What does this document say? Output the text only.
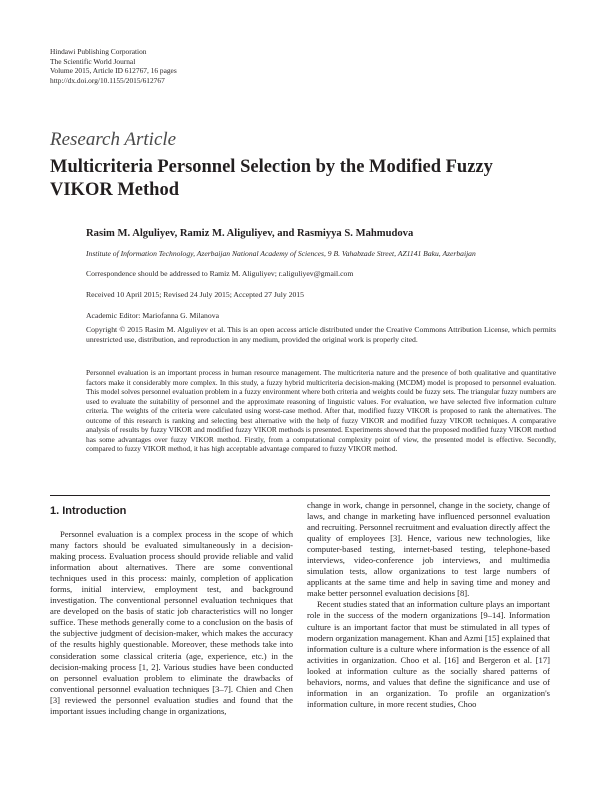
Hindawi Publishing Corporation
The Scientific World Journal
Volume 2015, Article ID 612767, 16 pages
http://dx.doi.org/10.1155/2015/612767
Research Article
Multicriteria Personnel Selection by the Modified Fuzzy
VIKOR Method
Rasim M. Alguliyev, Ramiz M. Aliguliyev, and Rasmiyya S. Mahmudova
Institute of Information Technology, Azerbaijan National Academy of Sciences, 9 B. Vahabzade Street, AZ1141 Baku, Azerbaijan
Correspondence should be addressed to Ramiz M. Aliguliyev; r.aliguliyev@gmail.com
Received 10 April 2015; Revised 24 July 2015; Accepted 27 July 2015
Academic Editor: Mariofanna G. Milanova
Copyright © 2015 Rasim M. Alguliyev et al. This is an open access article distributed under the Creative Commons Attribution License, which permits unrestricted use, distribution, and reproduction in any medium, provided the original work is properly cited.
Personnel evaluation is an important process in human resource management. The multicriteria nature and the presence of both qualitative and quantitative factors make it considerably more complex. In this study, a fuzzy hybrid multicriteria decision-making (MCDM) model is proposed to personnel evaluation. This model solves personnel evaluation problem in a fuzzy environment where both criteria and weights could be fuzzy sets. The triangular fuzzy numbers are used to evaluate the suitability of personnel and the approximate reasoning of linguistic values. For evaluation, we have selected five information culture criteria. The weights of the criteria were calculated using worst-case method. After that, modified fuzzy VIKOR is proposed to rank the alternatives. The outcome of this research is ranking and selecting best alternative with the help of fuzzy VIKOR and modified fuzzy VIKOR techniques. A comparative analysis of results by fuzzy VIKOR and modified fuzzy VIKOR methods is presented. Experiments showed that the proposed modified fuzzy VIKOR method has some advantages over fuzzy VIKOR method. Firstly, from a computational complexity point of view, the presented model is effective. Secondly, compared to fuzzy VIKOR method, it has high acceptable advantage compared to fuzzy VIKOR method.
1. Introduction

Personnel evaluation is a complex process in the scope of which many factors should be evaluated simultaneously in a decision-making process. Evaluation process should provide reliable and valid information about alternatives. There are some conventional techniques used in this process: mainly, completion of application forms, initial interview, employment test, and background investigation. The conventional personnel evaluation techniques that are developed on the basis of static job characteristics will no longer suffice. These methods generally come to a conclusion on the basis of the subjective judgment of decision-maker, which makes the accuracy of the results highly questionable. Moreover, these methods take into consideration some classical criteria (age, experience, etc.) in the decision-making process [1, 2]. Various studies have been conducted on personnel evaluation problem to eliminate the drawbacks of conventional personnel evaluation techniques [3–7]. Chien and Chen [3] reviewed the personnel evaluation studies and found that the important issues including change in organizations,

change in work, change in personnel, change in the society, change of laws, and change in marketing have influenced personnel evaluation and recruiting. Personnel recruitment and evaluation directly affect the quality of employees [3]. Hence, various new technologies, like computer-based testing, internet-based testing, telephone-based interviews, video-conference job interviews, and multimedia simulation tests, allow organizations to test large numbers of applicants at the same time and help in saving time and money and make better personnel evaluation decisions [8].

Recent studies stated that an information culture plays an important role in the success of the modern organizations [9–14]. Information culture is an important factor that must be stimulated in all types of modern organization management. Khan and Azmi [15] explained that information culture is a culture where information is the essence of all activities in organization. Choo et al. [16] and Bergeron et al. [17] looked at information culture as the socially shared patterns of behaviors, norms, and values that define the significance and use of information in an organization. To profile an organization's information culture, in more recent studies, Choo
